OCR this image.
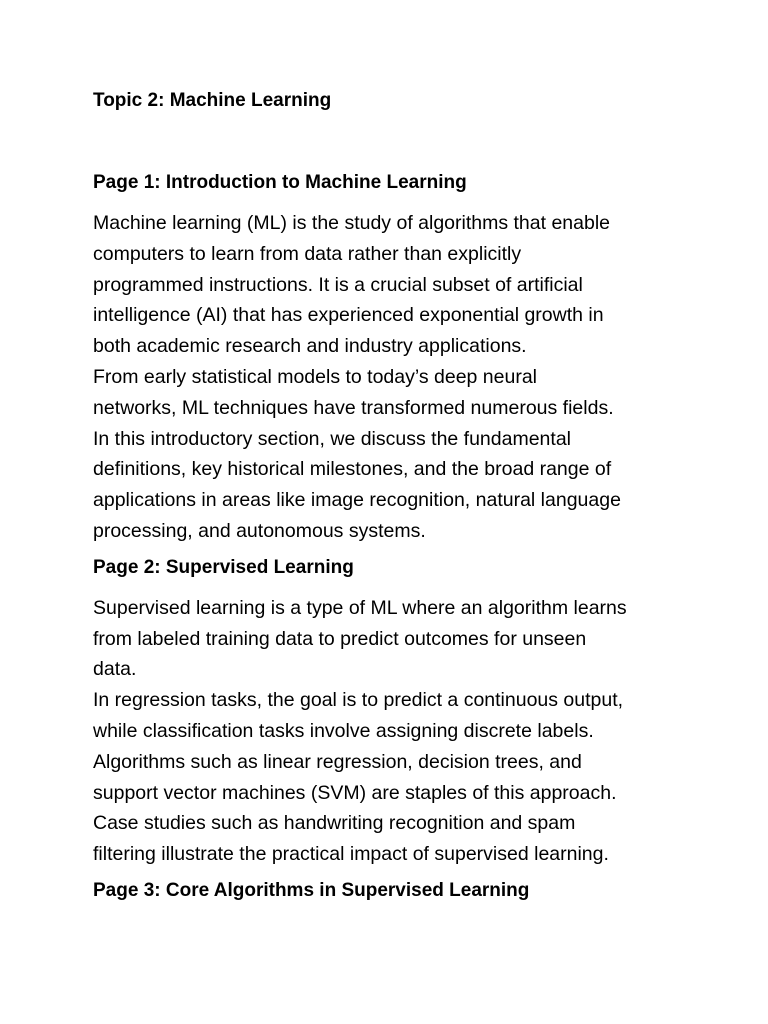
Topic 2: Machine Learning
Page 1: Introduction to Machine Learning
Machine learning (ML) is the study of algorithms that enable
computers to learn from data rather than explicitly
programmed instructions. It is a crucial subset of artificial
intelligence (AI) that has experienced exponential growth in
both academic research and industry applications.
From early statistical models to today’s deep neural
networks, ML techniques have transformed numerous fields.
In this introductory section, we discuss the fundamental
definitions, key historical milestones, and the broad range of
applications in areas like image recognition, natural language
processing, and autonomous systems.
Page 2: Supervised Learning
Supervised learning is a type of ML where an algorithm learns
from labeled training data to predict outcomes for unseen
data.
In regression tasks, the goal is to predict a continuous output,
while classification tasks involve assigning discrete labels.
Algorithms such as linear regression, decision trees, and
support vector machines (SVM) are staples of this approach.
Case studies such as handwriting recognition and spam
filtering illustrate the practical impact of supervised learning.
Page 3: Core Algorithms in Supervised Learning
